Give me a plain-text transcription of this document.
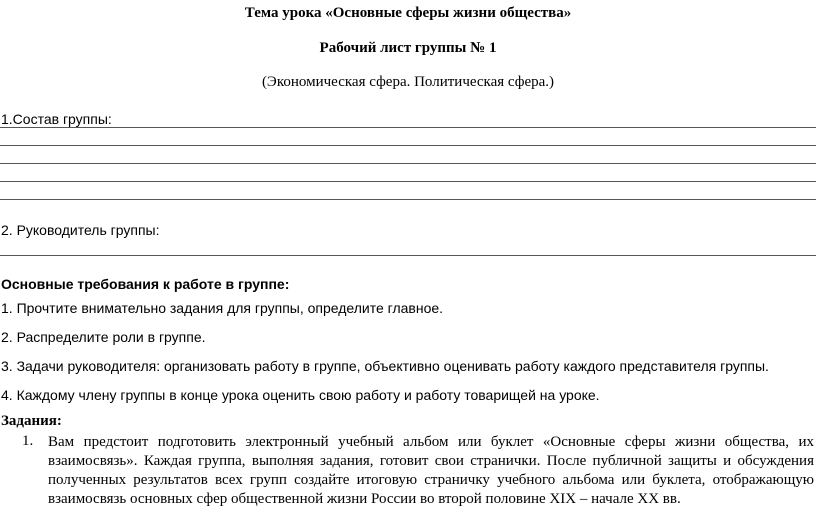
Тема урока «Основные сферы жизни общества»
Рабочий лист группы № 1
(Экономическая сфера. Политическая сфера.)
1.Состав группы:
2. Руководитель группы:
Основные требования к работе в группе:
1. Прочтите внимательно задания для группы, определите главное.
2. Распределите роли в группе.
3. Задачи руководителя: организовать работу в группе, объективно оценивать работу каждого представителя группы.
4. Каждому члену группы в конце урока оценить свою работу и работу товарищей на уроке.
Задания:
1. Вам предстоит подготовить электронный учебный альбом или буклет «Основные сферы жизни общества, их взаимосвязь». Каждая группа, выполняя задания, готовит свои странички. После публичной защиты и обсуждения полученных результатов всех групп создайте итоговую страничку учебного альбома или буклета, отображающую взаимосвязь основных сфер общественной жизни России во второй половине XIX – начале XX вв.
